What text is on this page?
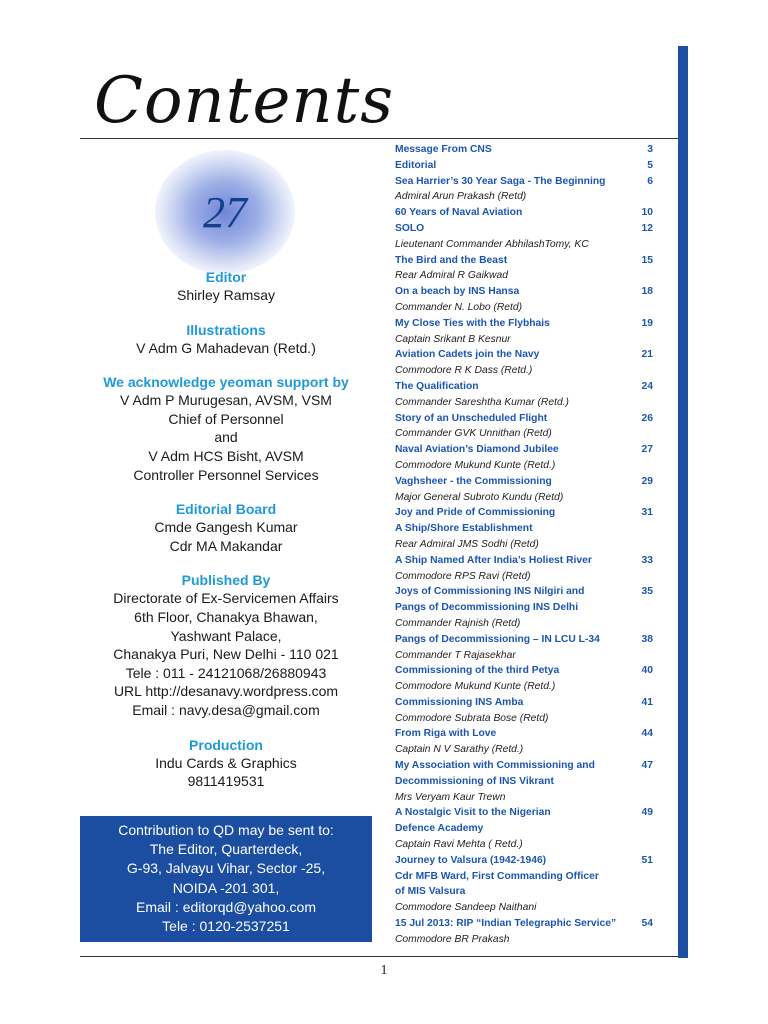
Contents
27
Editor
Shirley Ramsay
Illustrations
V Adm G Mahadevan (Retd.)
We acknowledge yeoman support by
V Adm P Murugesan, AVSM, VSM
Chief of Personnel
and
V Adm HCS Bisht, AVSM
Controller Personnel Services
Editorial Board
Cmde Gangesh Kumar
Cdr MA Makandar
Published By
Directorate of Ex-Servicemen Affairs
6th Floor, Chanakya Bhawan,
Yashwant Palace,
Chanakya Puri, New Delhi - 110 021
Tele : 011 - 24121068/26880943
URL http://desanavy.wordpress.com
Email : navy.desa@gmail.com
Production
Indu Cards & Graphics
9811419531
Contribution to QD may be sent to:
The Editor, Quarterdeck,
G-93, Jalvayu Vihar, Sector -25,
NOIDA -201 301,
Email : editorqd@yahoo.com
Tele : 0120-2537251
Message From CNS	3
Editorial	5
Sea Harrier’s 30 Year Saga - The Beginning	6
Admiral Arun Prakash (Retd)
60 Years of Naval Aviation	10
SOLO	12
Lieutenant Commander AbhilashTomy, KC
The Bird and the Beast	15
Rear Admiral R Gaikwad
On a beach by INS Hansa	18
Commander N. Lobo (Retd)
My Close Ties with the Flybhais	19
Captain Srikant B Kesnur
Aviation Cadets join the Navy	21
Commodore R K Dass (Retd.)
The Qualification	24
Commander Sareshtha Kumar (Retd.)
Story of an Unscheduled Flight	26
Commander GVK Unnithan (Retd)
Naval Aviation’s Diamond Jubilee	27
Commodore Mukund Kunte (Retd.)
Vaghsheer - the Commissioning	29
Major General Subroto Kundu (Retd)
Joy and Pride of Commissioning	31
A Ship/Shore Establishment
Rear Admiral JMS Sodhi (Retd)
A Ship Named After India’s Holiest River	33
Commodore RPS Ravi (Retd)
Joys of Commissioning INS Nilgiri and	35
Pangs of Decommissioning INS Delhi
Commander Rajnish (Retd)
Pangs of Decommissioning – IN LCU L-34	38
Commander T Rajasekhar
Commissioning of the third Petya	40
Commodore Mukund Kunte (Retd.)
Commissioning INS Amba	41
Commodore Subrata Bose (Retd)
From Riga with Love	44
Captain N V Sarathy (Retd.)
My Association with Commissioning and	47
Decommissioning of INS Vikrant
Mrs Veryam Kaur Trewn
A Nostalgic Visit to the Nigerian	49
Defence Academy
Captain Ravi Mehta ( Retd.)
Journey to Valsura (1942-1946)	51
Cdr MFB Ward, First Commanding Officer
of MIS Valsura
Commodore Sandeep Naithani
15 Jul 2013: RIP “Indian Telegraphic Service”	54
Commodore BR Prakash
1
